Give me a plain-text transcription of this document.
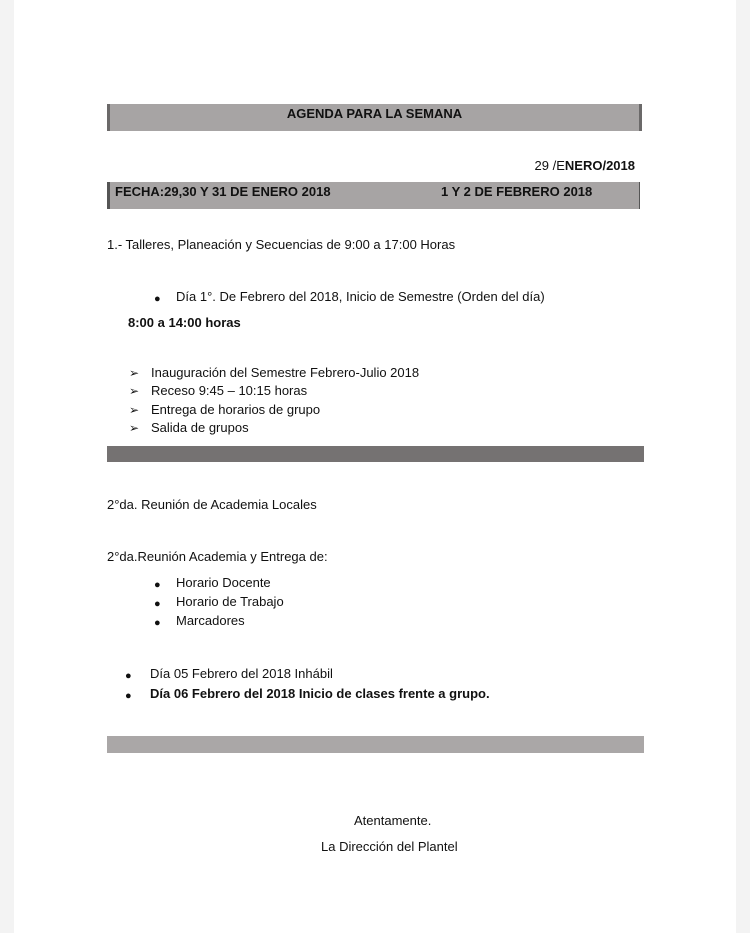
AGENDA PARA LA SEMANA
29 /ENERO/2018
FECHA:29,30 Y 31 DE ENERO 2018	1 Y 2 DE FEBRERO 2018
1.- Talleres, Planeación y Secuencias de 9:00 a 17:00 Horas
● Día 1°. De Febrero del 2018, Inicio de Semestre (Orden del día)
8:00 a 14:00 horas
➢ Inauguración del Semestre Febrero-Julio 2018
➢ Receso 9:45 – 10:15 horas
➢ Entrega de horarios de grupo
➢ Salida de grupos
2°da. Reunión de Academia Locales
2°da.Reunión Academia y Entrega de:
● Horario Docente
● Horario de Trabajo
● Marcadores
● Día 05 Febrero del 2018 Inhábil
● Día 06 Febrero del 2018 Inicio de clases frente a grupo.
Atentamente.
La Dirección del Plantel
